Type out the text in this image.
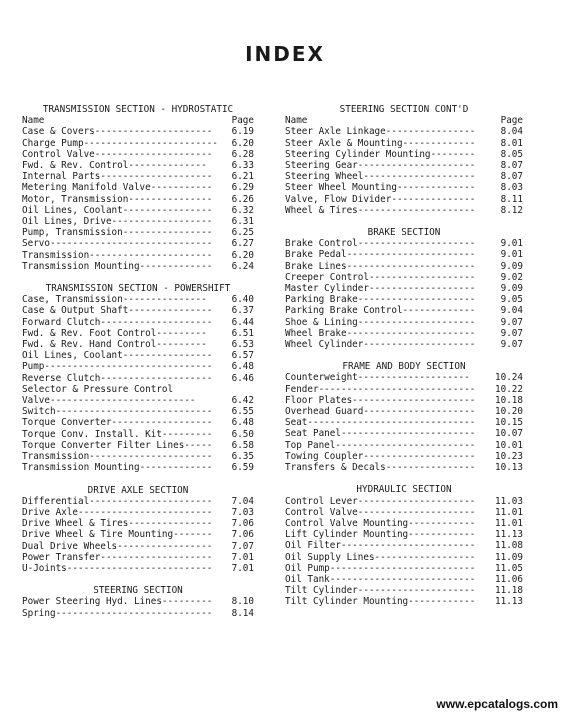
INDEX
TRANSMISSION SECTION - HYDROSTATIC
Name	Page
Case & Covers---------------------	6.19
Charge Pump------------------------	6.20
Control Valve---------------------	6.28
Fwd. & Rev. Control--------------	6.33
Internal Parts--------------------	6.21
Metering Manifold Valve-----------	6.29
Motor, Transmission---------------	6.26
Oil Lines, Coolant----------------	6.32
Oil Lines, Drive------------------	6.31
Pump, Transmission----------------	6.25
Servo-----------------------------	6.27
Transmission----------------------	6.20
Transmission Mounting-------------	6.24
TRANSMISSION SECTION - POWERSHIFT
Case, Transmission---------------	6.40
Case & Output Shaft---------------	6.37
Forward Clutch--------------------	6.44
Fwd. & Rev. Foot Control---------	6.51
Fwd. & Rev. Hand Control---------	6.53
Oil Lines, Coolant----------------	6.57
Pump------------------------------	6.48
Reverse Clutch--------------------	6.46
Selector & Pressure Control
Valve--------------------------	6.42
Switch----------------------------	6.55
Torque Converter------------------	6.48
Torque Conv. Install. Kit---------	6.50
Torque Converter Filter Lines-----	6.58
Transmission----------------------	6.35
Transmission Mounting-------------	6.59
DRIVE AXLE SECTION
Differential----------------------	7.04
Drive Axle------------------------	7.03
Drive Wheel & Tires---------------	7.06
Drive Wheel & Tire Mounting-------	7.06
Dual Drive Wheels-----------------	7.07
Power Transfer--------------------	7.01
U-Joints--------------------------	7.01
STEERING SECTION
Power Steering Hyd. Lines---------	8.10
Spring----------------------------	8.14
STEERING SECTION CONT'D
Name	Page
Steer Axle Linkage----------------	8.04
Steer Axle & Mounting-------------	8.01
Steering Cylinder Mounting--------	8.05
Steering Gear---------------------	8.07
Steering Wheel--------------------	8.07
Steer Wheel Mounting--------------	8.03
Valve, Flow Divider---------------	8.11
Wheel & Tires---------------------	8.12
BRAKE SECTION
Brake Control---------------------	9.01
Brake Pedal-----------------------	9.01
Brake Lines-----------------------	9.09
Creeper Control-------------------	9.02
Master Cylinder-------------------	9.09
Parking Brake---------------------	9.05
Parking Brake Control-------------	9.04
Shoe & Lining---------------------	9.07
Wheel Brake-----------------------	9.07
Wheel Cylinder--------------------	9.07
FRAME AND BODY SECTION
Counterweight--------------------	10.24
Fender----------------------------	10.22
Floor Plates----------------------	10.18
Overhead Guard--------------------	10.20
Seat------------------------------	10.15
Seat Panel------------------------	10.07
Top Panel-------------------------	10.01
Towing Coupler--------------------	10.23
Transfers & Decals----------------	10.13
HYDRAULIC SECTION
Control Lever---------------------	11.03
Control Valve---------------------	11.01
Control Valve Mounting------------	11.01
Lift Cylinder Mounting------------	11.13
Oil Filter------------------------	11.08
Oil Supply Lines------------------	11.09
Oil Pump--------------------------	11.05
Oil Tank--------------------------	11.06
Tilt Cylinder---------------------	11.18
Tilt Cylinder Mounting------------	11.13
www.epcatalogs.com
